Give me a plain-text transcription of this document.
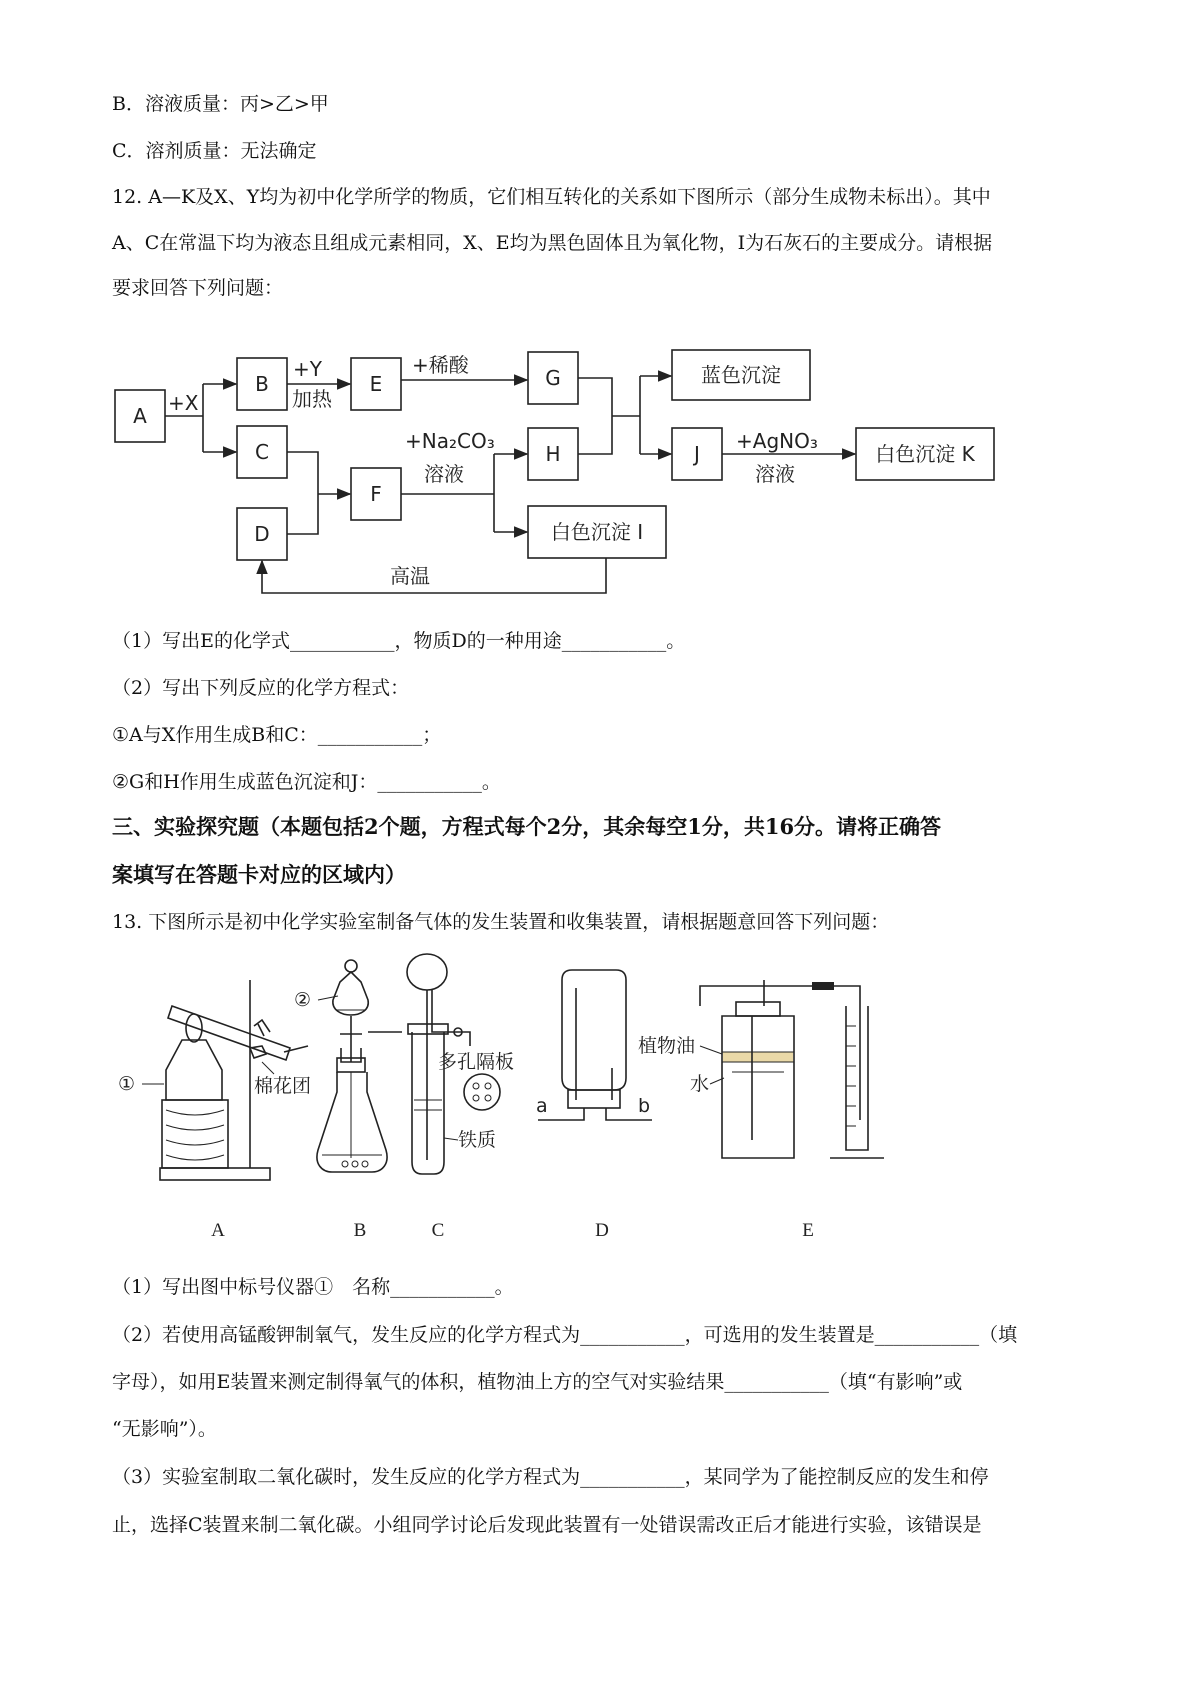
B．溶液质量：丙>乙>甲
C．溶剂质量：无法确定
12. A—K及X、Y均为初中化学所学的物质，它们相互转化的关系如下图所示（部分生成物未标出）。其中
A、C在常温下均为液态且组成元素相同，X、E均为黑色固体且为氧化物，I为石灰石的主要成分。请根据
要求回答下列问题：
A
B
C
D
E
F
G
H	J
蓝色沉淀
白色沉淀 I
白色沉淀 K
+X
+Y
加热
+稀酸
+Na₂CO₃
溶液
+AgNO₃
溶液
高温
（1）写出E的化学式___________，物质D的一种用途___________。
（2）写出下列反应的化学方程式：
①A与X作用生成B和C：___________；
②G和H作用生成蓝色沉淀和J：___________。
三、实验探究题（本题包括2个题，方程式每个2分，其余每空1分，共16分。请将正确答
案填写在答题卡对应的区域内）
13. 下图所示是初中化学实验室制备气体的发生装置和收集装置，请根据题意回答下列问题：
①	棉花团
②
多孔隔板
铁质
a	b
植物油
水
A	B	C	D	E
（1）写出图中标号仪器①　名称___________。
（2）若使用高锰酸钾制氧气，发生反应的化学方程式为___________，可选用的发生装置是___________（填
字母），如用E装置来测定制得氧气的体积，植物油上方的空气对实验结果___________（填“有影响”或
“无影响”）。
（3）实验室制取二氧化碳时，发生反应的化学方程式为___________，某同学为了能控制反应的发生和停
止，选择C装置来制二氧化碳。小组同学讨论后发现此装置有一处错误需改正后才能进行实验，该错误是
